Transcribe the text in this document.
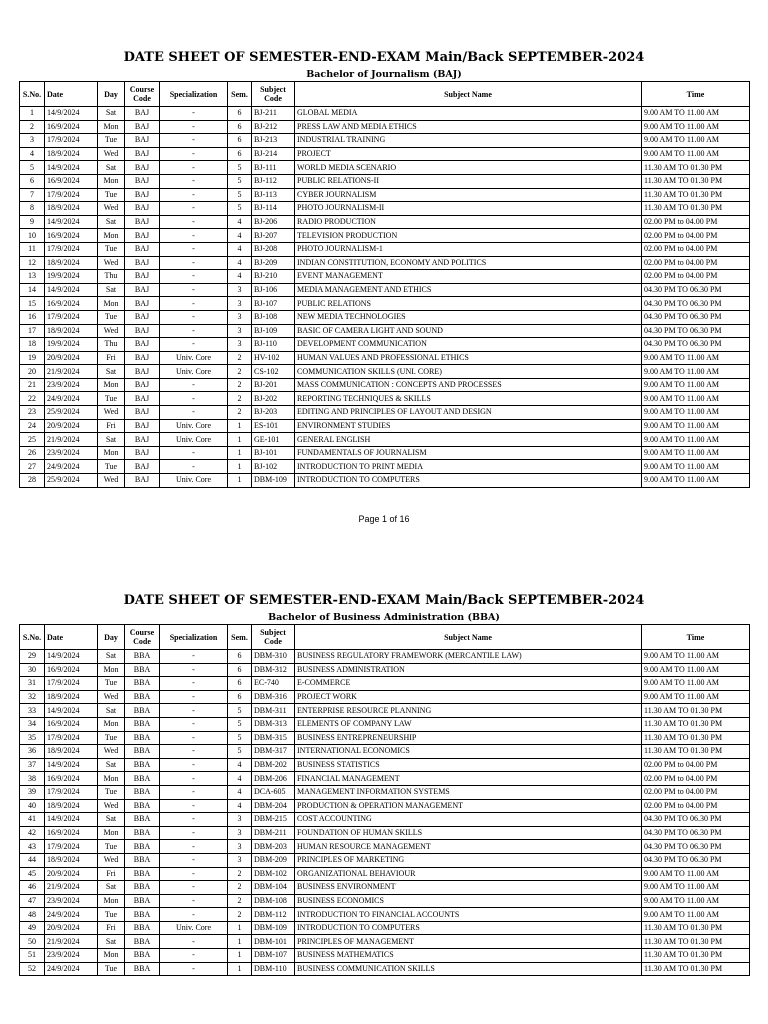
DATE SHEET OF SEMESTER-END-EXAM Main/Back SEPTEMBER-2024
Bachelor of Journalism (BAJ)
S.No.	Date	Day	Course Code	Specialization	Sem.	Subject Code	Subject Name	Time
1	14/9/2024	Sat	BAJ	-	6	BJ-211	GLOBAL MEDIA	9.00 AM TO 11.00 AM
2	16/9/2024	Mon	BAJ	-	6	BJ-212	PRESS LAW AND MEDIA ETHICS	9.00 AM TO 11.00 AM
3	17/9/2024	Tue	BAJ	-	6	BJ-213	INDUSTRIAL TRAINING	9.00 AM TO 11.00 AM
4	18/9/2024	Wed	BAJ	-	6	BJ-214	PROJECT	9.00 AM TO 11.00 AM
5	14/9/2024	Sat	BAJ	-	5	BJ-111	WORLD MEDIA SCENARIO	11.30 AM TO 01.30 PM
6	16/9/2024	Mon	BAJ	-	5	BJ-112	PUBLIC RELATIONS-II	11.30 AM TO 01.30 PM
7	17/9/2024	Tue	BAJ	-	5	BJ-113	CYBER JOURNALISM	11.30 AM TO 01.30 PM
8	18/9/2024	Wed	BAJ	-	5	BJ-114	PHOTO JOURNALISM-II	11.30 AM TO 01.30 PM
9	14/9/2024	Sat	BAJ	-	4	BJ-206	RADIO PRODUCTION	02.00 PM to 04.00 PM
10	16/9/2024	Mon	BAJ	-	4	BJ-207	TELEVISION PRODUCTION	02.00 PM to 04.00 PM
11	17/9/2024	Tue	BAJ	-	4	BJ-208	PHOTO JOURNALISM-1	02.00 PM to 04.00 PM
12	18/9/2024	Wed	BAJ	-	4	BJ-209	INDIAN CONSTITUTION, ECONOMY AND POLITICS	02.00 PM to 04.00 PM
13	19/9/2024	Thu	BAJ	-	4	BJ-210	EVENT MANAGEMENT	02.00 PM to 04.00 PM
14	14/9/2024	Sat	BAJ	-	3	BJ-106	MEDIA MANAGEMENT AND ETHICS	04.30 PM TO 06.30 PM
15	16/9/2024	Mon	BAJ	-	3	BJ-107	PUBLIC RELATIONS	04.30 PM TO 06.30 PM
16	17/9/2024	Tue	BAJ	-	3	BJ-108	NEW MEDIA TECHNOLOGIES	04.30 PM TO 06.30 PM
17	18/9/2024	Wed	BAJ	-	3	BJ-109	BASIC OF CAMERA LIGHT AND SOUND	04.30 PM TO 06.30 PM
18	19/9/2024	Thu	BAJ	-	3	BJ-110	DEVELOPMENT COMMUNICATION	04.30 PM TO 06.30 PM
19	20/9/2024	Fri	BAJ	Univ. Core	2	HV-102	HUMAN VALUES AND PROFESSIONAL ETHICS	9.00 AM TO 11.00 AM
20	21/9/2024	Sat	BAJ	Univ. Core	2	CS-102	COMMUNICATION SKILLS (UNI. CORE)	9.00 AM TO 11.00 AM
21	23/9/2024	Mon	BAJ	-	2	BJ-201	MASS COMMUNICATION : CONCEPTS AND PROCESSES	9.00 AM TO 11.00 AM
22	24/9/2024	Tue	BAJ	-	2	BJ-202	REPORTING TECHNIQUES & SKILLS	9.00 AM TO 11.00 AM
23	25/9/2024	Wed	BAJ	-	2	BJ-203	EDITING AND PRINCIPLES OF LAYOUT AND DESIGN	9.00 AM TO 11.00 AM
24	20/9/2024	Fri	BAJ	Univ. Core	1	ES-101	ENVIRONMENT STUDIES	9.00 AM TO 11.00 AM
25	21/9/2024	Sat	BAJ	Univ. Core	1	GE-101	GENERAL ENGLISH	9.00 AM TO 11.00 AM
26	23/9/2024	Mon	BAJ	-	1	BJ-101	FUNDAMENTALS OF JOURNALISM	9.00 AM TO 11.00 AM
27	24/9/2024	Tue	BAJ	-	1	BJ-102	INTRODUCTION TO PRINT MEDIA	9.00 AM TO 11.00 AM
28	25/9/2024	Wed	BAJ	Univ. Core	1	DBM-109	INTRODUCTION TO COMPUTERS	9.00 AM TO 11.00 AM
Page 1 of 16
DATE SHEET OF SEMESTER-END-EXAM Main/Back SEPTEMBER-2024
Bachelor of Business Administration (BBA)
S.No.	Date	Day	Course Code	Specialization	Sem.	Subject Code	Subject Name	Time
29	14/9/2024	Sat	BBA	-	6	DBM-310	BUSINESS REGULATORY FRAMEWORK (MERCANTILE LAW)	9.00 AM TO 11.00 AM
30	16/9/2024	Mon	BBA	-	6	DBM-312	BUSINESS ADMINISTRATION	9.00 AM TO 11.00 AM
31	17/9/2024	Tue	BBA	-	6	EC-740	E-COMMERCE	9.00 AM TO 11.00 AM
32	18/9/2024	Wed	BBA	-	6	DBM-316	PROJECT WORK	9.00 AM TO 11.00 AM
33	14/9/2024	Sat	BBA	-	5	DBM-311	ENTERPRISE RESOURCE PLANNING	11.30 AM TO 01.30 PM
34	16/9/2024	Mon	BBA	-	5	DBM-313	ELEMENTS OF COMPANY LAW	11.30 AM TO 01.30 PM
35	17/9/2024	Tue	BBA	-	5	DBM-315	BUSINESS ENTREPRENEURSHIP	11.30 AM TO 01.30 PM
36	18/9/2024	Wed	BBA	-	5	DBM-317	INTERNATIONAL ECONOMICS	11.30 AM TO 01.30 PM
37	14/9/2024	Sat	BBA	-	4	DBM-202	BUSINESS STATISTICS	02.00 PM to 04.00 PM
38	16/9/2024	Mon	BBA	-	4	DBM-206	FINANCIAL MANAGEMENT	02.00 PM to 04.00 PM
39	17/9/2024	Tue	BBA	-	4	DCA-605	MANAGEMENT INFORMATION SYSTEMS	02.00 PM to 04.00 PM
40	18/9/2024	Wed	BBA	-	4	DBM-204	PRODUCTION & OPERATION MANAGEMENT	02.00 PM to 04.00 PM
41	14/9/2024	Sat	BBA	-	3	DBM-215	COST ACCOUNTING	04.30 PM TO 06.30 PM
42	16/9/2024	Mon	BBA	-	3	DBM-211	FOUNDATION OF HUMAN SKILLS	04.30 PM TO 06.30 PM
43	17/9/2024	Tue	BBA	-	3	DBM-203	HUMAN RESOURCE MANAGEMENT	04.30 PM TO 06.30 PM
44	18/9/2024	Wed	BBA	-	3	DBM-209	PRINCIPLES OF MARKETING	04.30 PM TO 06.30 PM
45	20/9/2024	Fri	BBA	-	2	DBM-102	ORGANIZATIONAL BEHAVIOUR	9.00 AM TO 11.00 AM
46	21/9/2024	Sat	BBA	-	2	DBM-104	BUSINESS ENVIRONMENT	9.00 AM TO 11.00 AM
47	23/9/2024	Mon	BBA	-	2	DBM-108	BUSINESS ECONOMICS	9.00 AM TO 11.00 AM
48	24/9/2024	Tue	BBA	-	2	DBM-112	INTRODUCTION TO FINANCIAL ACCOUNTS	9.00 AM TO 11.00 AM
49	20/9/2024	Fri	BBA	Univ. Core	1	DBM-109	INTRODUCTION TO COMPUTERS	11.30 AM TO 01.30 PM
50	21/9/2024	Sat	BBA	-	1	DBM-101	PRINCIPLES OF MANAGEMENT	11.30 AM TO 01.30 PM
51	23/9/2024	Mon	BBA	-	1	DBM-107	BUSINESS MATHEMATICS	11.30 AM TO 01.30 PM
52	24/9/2024	Tue	BBA	-	1	DBM-110	BUSINESS COMMUNICATION SKILLS	11.30 AM TO 01.30 PM
